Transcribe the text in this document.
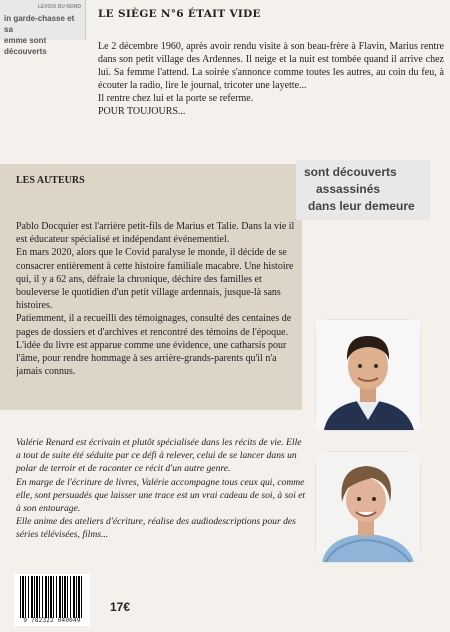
LEVOIX DU NORD
in garde-chasse et sa
emme sont découverts
LE SIÈGE N°6 ÉTAIT VIDE

Le 2 décembre 1960, après avoir rendu visite à son beau-frère à Flavin, Marius rentre dans son petit village des Ardennes. Il neige et la nuit est tombée quand il arrive chez lui. Sa femme l'attend. La soirée s'annonce comme toutes les autres, au coin du feu, à écouter la radio, lire le journal, tricoter une layette...

Il rentre chez lui et la porte se referme.

POUR TOUJOURS...

LES AUTEURS

Pablo Docquier est l'arrière petit-fils de Marius et Talie. Dans la vie il est éducateur spécialisé et indépendant événementiel.

En mars 2020, alors que le Covid paralyse le monde, il décide de se consacrer entièrement à cette histoire familiale macabre. Une histoire qui, il y a 62 ans, défraie la chronique, déchire des familles et bouleverse le quotidien d'un petit village ardennais, jusque-là sans histoires.

Patiemment, il a recueilli des témoignages, consulté des centaines de pages de dossiers et d'archives et rencontré des témoins de l'époque. L'idée du livre est apparue comme une évidence, une catharsis pour l'âme, pour rendre hommage à ses arrière-grands-parents qu'il n'a jamais connus.

sont découverts
assassinés
dans leur demeure

Valérie Renard est écrivain et plutôt spécialisée dans les récits de vie. Elle a tout de suite été séduite par ce défi à relever, celui de se lancer dans un polar de terroir et de raconter ce récit d'un autre genre.

En marge de l'écriture de livres, Valérie accompagne tous ceux qui, comme elle, sont persuadés que laisser une trace est un vrai cadeau de soi, à soi et à son entourage.

Elle anime des ateliers d'écriture, réalise des audiodescriptions pour des séries télévisées, films...

9 782322 040049
17€
